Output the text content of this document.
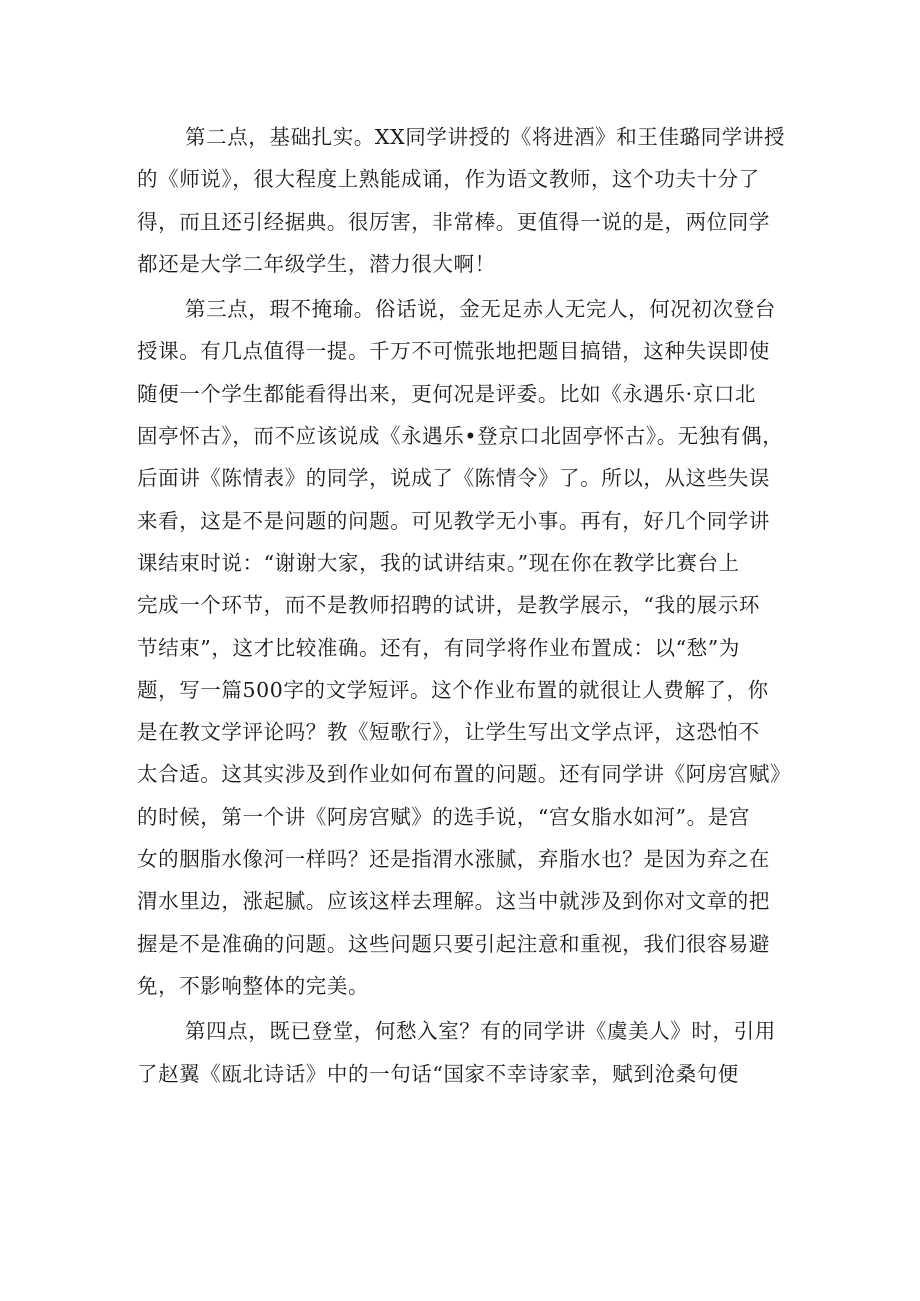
第二点，基础扎实。XX同学讲授的《将进酒》和王佳璐同学讲授
的《师说》，很大程度上熟能成诵，作为语文教师，这个功夫十分了
得，而且还引经据典。很厉害，非常棒。更值得一说的是，两位同学
都还是大学二年级学生，潜力很大啊！
第三点，瑕不掩瑜。俗话说，金无足赤人无完人，何况初次登台
授课。有几点值得一提。千万不可慌张地把题目搞错，这种失误即使
随便一个学生都能看得出来，更何况是评委。比如《永遇乐·京口北
固亭怀古》，而不应该说成《永遇乐•登京口北固亭怀古》。无独有偶，
后面讲《陈情表》的同学，说成了《陈情令》了。所以，从这些失误
来看，这是不是问题的问题。可见教学无小事。再有，好几个同学讲
课结束时说：“谢谢大家，我的试讲结束。”现在你在教学比赛台上
完成一个环节，而不是教师招聘的试讲，是教学展示，“我的展示环
节结束”，这才比较准确。还有，有同学将作业布置成：以“愁”为
题，写一篇500字的文学短评。这个作业布置的就很让人费解了，你
是在教文学评论吗？教《短歌行》，让学生写出文学点评，这恐怕不
太合适。这其实涉及到作业如何布置的问题。还有同学讲《阿房宫赋》
的时候，第一个讲《阿房宫赋》的选手说，“宫女脂水如河”。是宫
女的胭脂水像河一样吗？还是指渭水涨腻，弃脂水也？是因为弃之在
渭水里边，涨起腻。应该这样去理解。这当中就涉及到你对文章的把
握是不是准确的问题。这些问题只要引起注意和重视，我们很容易避
免，不影响整体的完美。
第四点，既已登堂，何愁入室？有的同学讲《虞美人》时，引用
了赵翼《瓯北诗话》中的一句话“国家不幸诗家幸，赋到沧桑句便
